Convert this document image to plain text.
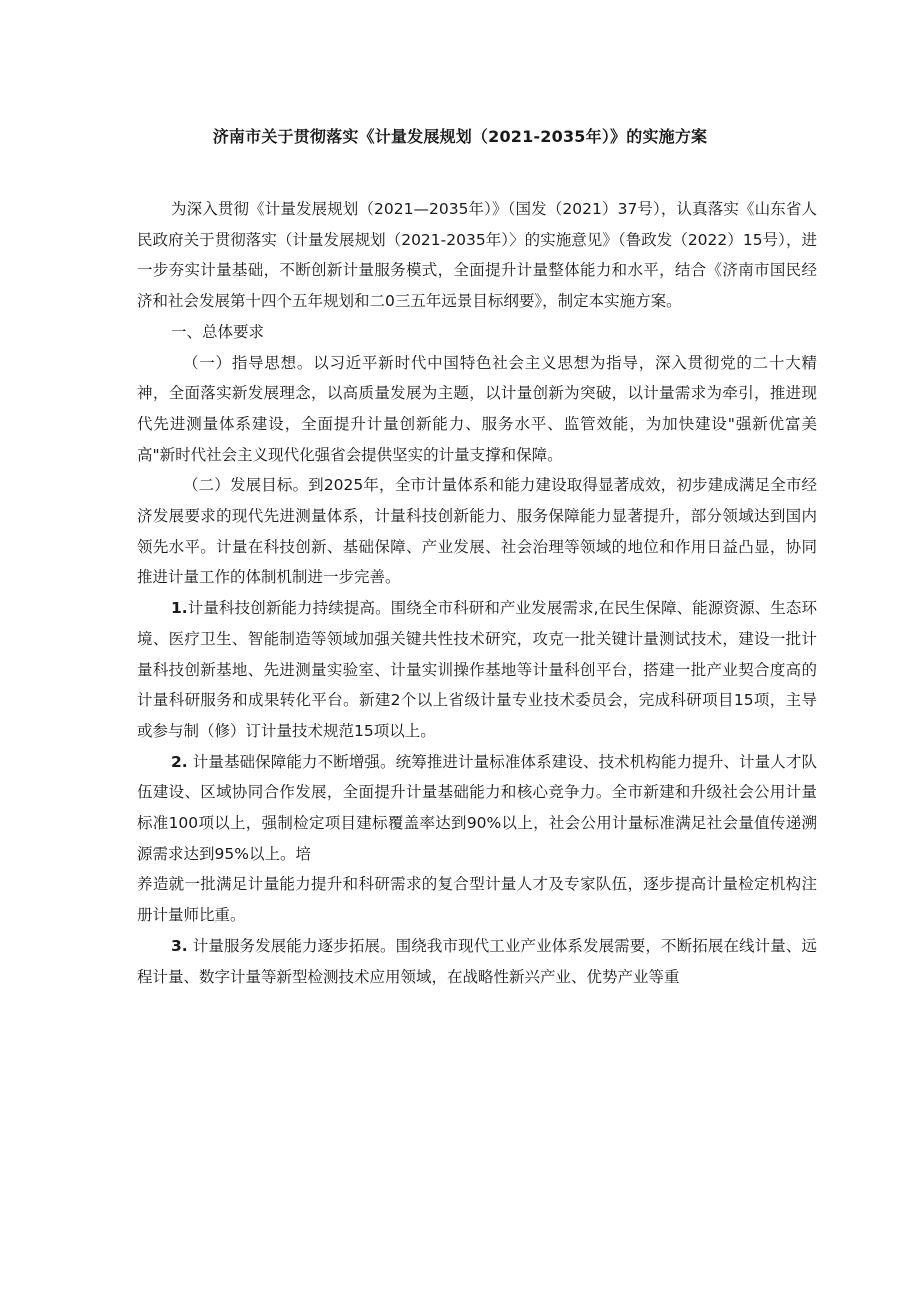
济南市关于贯彻落实《计量发展规划（2021-2035年）》的实施方案

为深入贯彻《计量发展规划（2021—2035年）》（国发（2021）37号），认真落实《山东省人民政府关于贯彻落实（计量发展规划（2021-2035年）〉的实施意见》（鲁政发（2022）15号），进一步夯实计量基础，不断创新计量服务模式，全面提升计量整体能力和水平，结合《济南市国民经济和社会发展第十四个五年规划和二0三五年远景目标纲要》，制定本实施方案。

一、总体要求

（一）指导思想。以习近平新时代中国特色社会主义思想为指导，深入贯彻党的二十大精神，全面落实新发展理念，以高质量发展为主题，以计量创新为突破，以计量需求为牵引，推进现代先进测量体系建设，全面提升计量创新能力、服务水平、监管效能，为加快建设"强新优富美高"新时代社会主义现代化强省会提供坚实的计量支撑和保障。

（二）发展目标。到2025年，全市计量体系和能力建设取得显著成效，初步建成满足全市经济发展要求的现代先进测量体系，计量科技创新能力、服务保障能力显著提升，部分领域达到国内领先水平。计量在科技创新、基础保障、产业发展、社会治理等领域的地位和作用日益凸显，协同推进计量工作的体制机制进一步完善。

1.计量科技创新能力持续提高。围绕全市科研和产业发展需求,在民生保障、能源资源、生态环境、医疗卫生、智能制造等领域加强关键共性技术研究，攻克一批关键计量测试技术，建设一批计量科技创新基地、先进测量实验室、计量实训操作基地等计量科创平台，搭建一批产业契合度高的计量科研服务和成果转化平台。新建2个以上省级计量专业技术委员会，完成科研项目15项，主导或参与制（修）订计量技术规范15项以上。

2. 计量基础保障能力不断增强。统筹推进计量标准体系建设、技术机构能力提升、计量人才队伍建设、区域协同合作发展，全面提升计量基础能力和核心竞争力。全市新建和升级社会公用计量标准100项以上，强制检定项目建标覆盖率达到90%以上，社会公用计量标准满足社会量值传递溯源需求达到95%以上。培

养造就一批满足计量能力提升和科研需求的复合型计量人才及专家队伍，逐步提高计量检定机构注册计量师比重。

3. 计量服务发展能力逐步拓展。围绕我市现代工业产业体系发展需要，不断拓展在线计量、远程计量、数字计量等新型检测技术应用领域，在战略性新兴产业、优势产业等重
